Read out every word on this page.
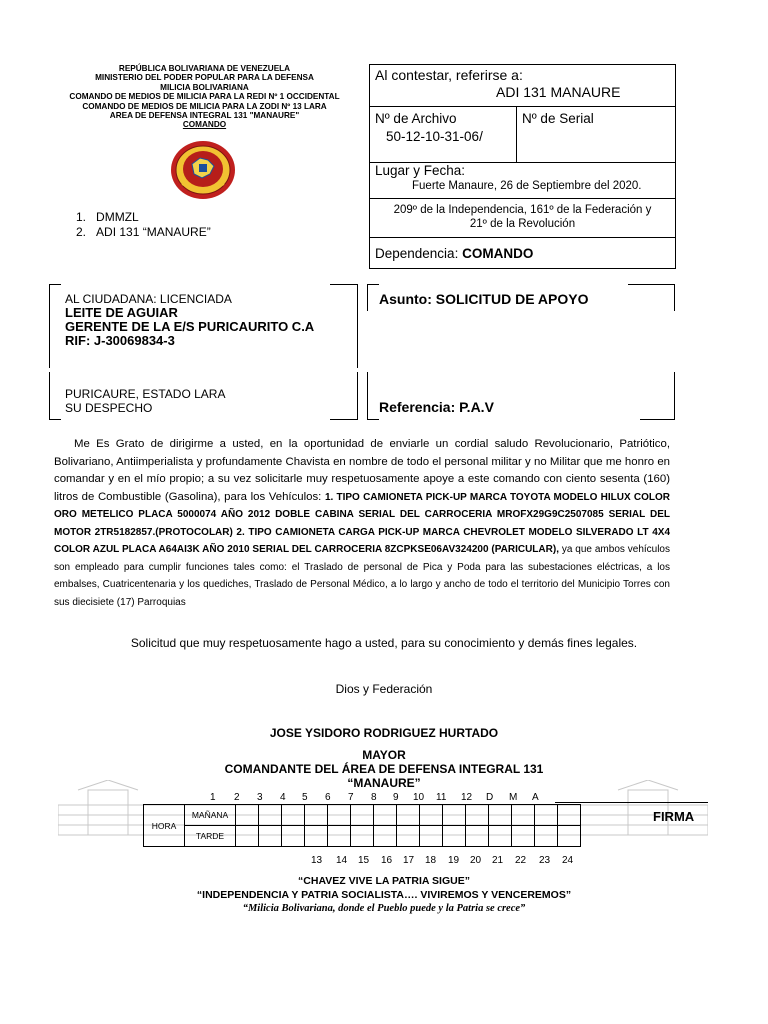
REPÚBLICA BOLIVARIANA DE VENEZUELA
MINISTERIO DEL PODER POPULAR PARA LA DEFENSA
MILICIA BOLIVARIANA
COMANDO DE MEDIOS DE MILICIA PARA LA REDI Nº 1 OCCIDENTAL
COMANDO DE MEDIOS DE MILICIA PARA LA ZODI Nº 13 LARA
AREA DE DEFENSA INTEGRAL 131 "MANAURE"
COMANDO
1. DMMZL
2. ADI 131 “MANAURE”
Al contestar, referirse a:
ADI 131 MANAURE
Nº de Archivo
50-12-10-31-06/
Nº de Serial
Lugar y Fecha:
Fuerte Manaure, 26 de Septiembre del 2020.
209º de la Independencia, 161º de la Federación y
21º de la Revolución
Dependencia: COMANDO
AL CIUDADANA: LICENCIADA
LEITE DE AGUIAR
GERENTE DE LA E/S PURICAURITO C.A
RIF: J-30069834-3
PURICAURE, ESTADO LARA
SU DESPECHO
Asunto: SOLICITUD DE APOYO
Referencia: P.A.V
Me Es Grato de dirigirme a usted, en la oportunidad de enviarle un cordial saludo Revolucionario, Patriótico, Bolivariano, Antiimperialista y profundamente Chavista en nombre de todo el personal militar y no Militar que me honro en comandar y en el mío propio; a su vez solicitarle muy respetuosamente apoye a este comando con ciento sesenta (160) litros de Combustible (Gasolina), para los Vehículos: 1. TIPO CAMIONETA PICK-UP MARCA TOYOTA MODELO HILUX COLOR ORO METELICO PLACA 5000074 AÑO 2012 DOBLE CABINA SERIAL DEL CARROCERIA MROFX29G9C2507085 SERIAL DEL MOTOR 2TR5182857.(PROTOCOLAR) 2. TIPO CAMIONETA CARGA PICK-UP MARCA CHEVROLET MODELO SILVERADO LT 4X4 COLOR AZUL PLACA A64AI3K AÑO 2010 SERIAL DEL CARROCERIA 8ZCPKSE06AV324200 (PARICULAR), ya que ambos vehículos son empleado para cumplir funciones tales como: el Traslado de personal de Pica y Poda para las subestaciones eléctricas, a los embalses, Cuatricentenaria y los quediches, Traslado de Personal Médico, a lo largo y ancho de todo el territorio del Municipio Torres con sus diecisiete (17) Parroquias
Solicitud que muy respetuosamente hago a usted, para su conocimiento y demás fines legales.
Dios y Federación
JOSE YSIDORO RODRIGUEZ HURTADO
MAYOR
COMANDANTE DEL ÁREA DE DEFENSA INTEGRAL 131
“MANAURE”
1 2 3 4 5 6 7 8 9 10 11 12 D M A
HORA	MAÑANA															
	TARDE															
FIRMA
13 14 15 16 17 18 19 20 21 22 23 24
“CHAVEZ VIVE LA PATRIA SIGUE”
“INDEPENDENCIA Y PATRIA SOCIALISTA…. VIVIREMOS Y VENCEREMOS”
“Milicia Bolivariana, donde el Pueblo puede y la Patria se crece”
